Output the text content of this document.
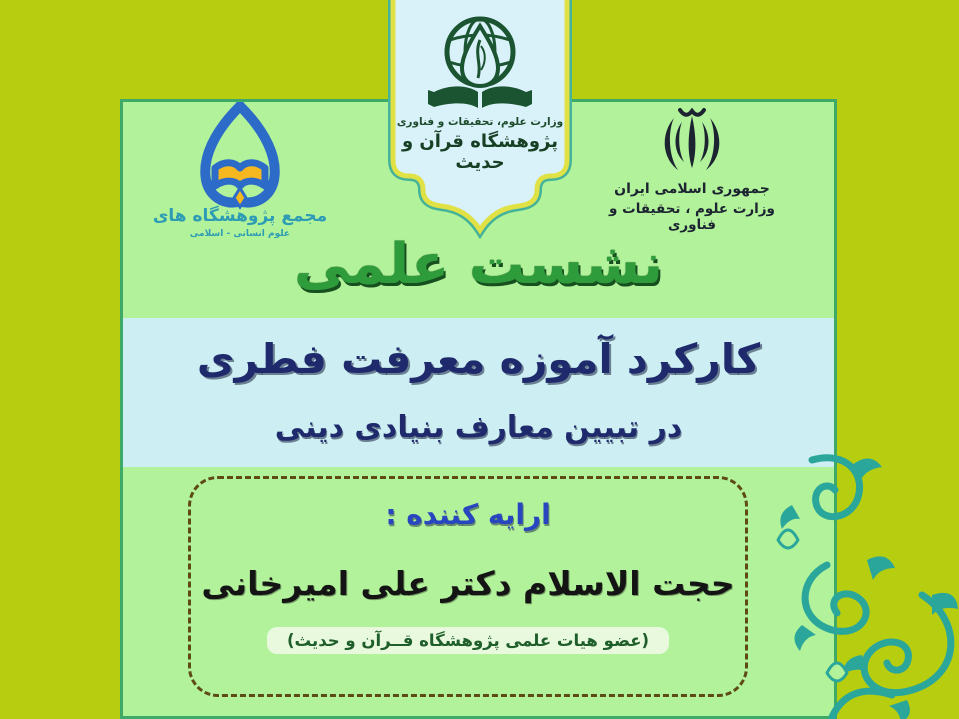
وزارت علوم، تحقیقات و فناوری
پژوهشگاه قرآن و حدیث
مجمع پژوهشگاه های
علوم انسانی - اسلامی
جمهوری اسلامی ایران
وزارت علوم ، تحقیقات و فناوری
نشست علمی
کارکرد آموزه معرفت فطری
در تبیین معارف بنیادی دینی
ارایه کننده :
حجت الاسلام دکتر علی امیرخانی
(عضو هیات علمی پژوهشگاه قــرآن و حدیث)
